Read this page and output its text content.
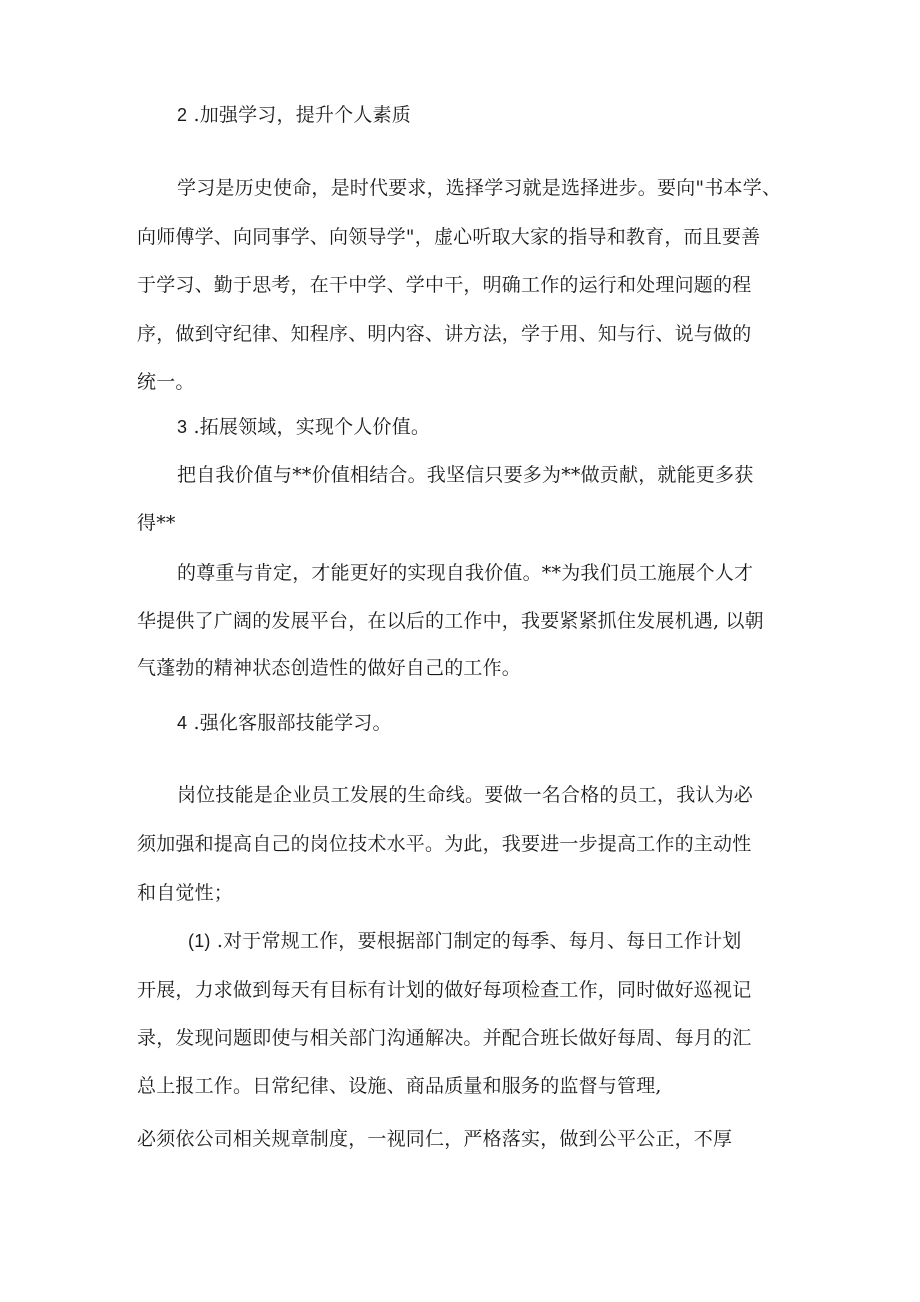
2 .加强学习，提升个人素质
学习是历史使命，是时代要求，选择学习就是选择进步。要向"书本学、
向师傅学、向同事学、向领导学"，虚心听取大家的指导和教育，而且要善
于学习、勤于思考，在干中学、学中干，明确工作的运行和处理问题的程
序，做到守纪律、知程序、明内容、讲方法，学于用、知与行、说与做的
统一。
3 .拓展领域，实现个人价值。
把自我价值与**价值相结合。我坚信只要多为**做贡献，就能更多获
得**
的尊重与肯定，才能更好的实现自我价值。**为我们员工施展个人才
华提供了广阔的发展平台，在以后的工作中，我要紧紧抓住发展机遇, 以朝
气蓬勃的精神状态创造性的做好自己的工作。
4 .强化客服部技能学习。
岗位技能是企业员工发展的生命线。要做一名合格的员工，我认为必
须加强和提高自己的岗位技术水平。为此，我要进一步提高工作的主动性
和自觉性；
(1) .对于常规工作，要根据部门制定的每季、每月、每日工作计划
开展，力求做到每天有目标有计划的做好每项检查工作，同时做好巡视记
录，发现问题即使与相关部门沟通解决。并配合班长做好每周、每月的汇
总上报工作。日常纪律、设施、商品质量和服务的监督与管理,
必须依公司相关规章制度，一视同仁，严格落实，做到公平公正，不厚
